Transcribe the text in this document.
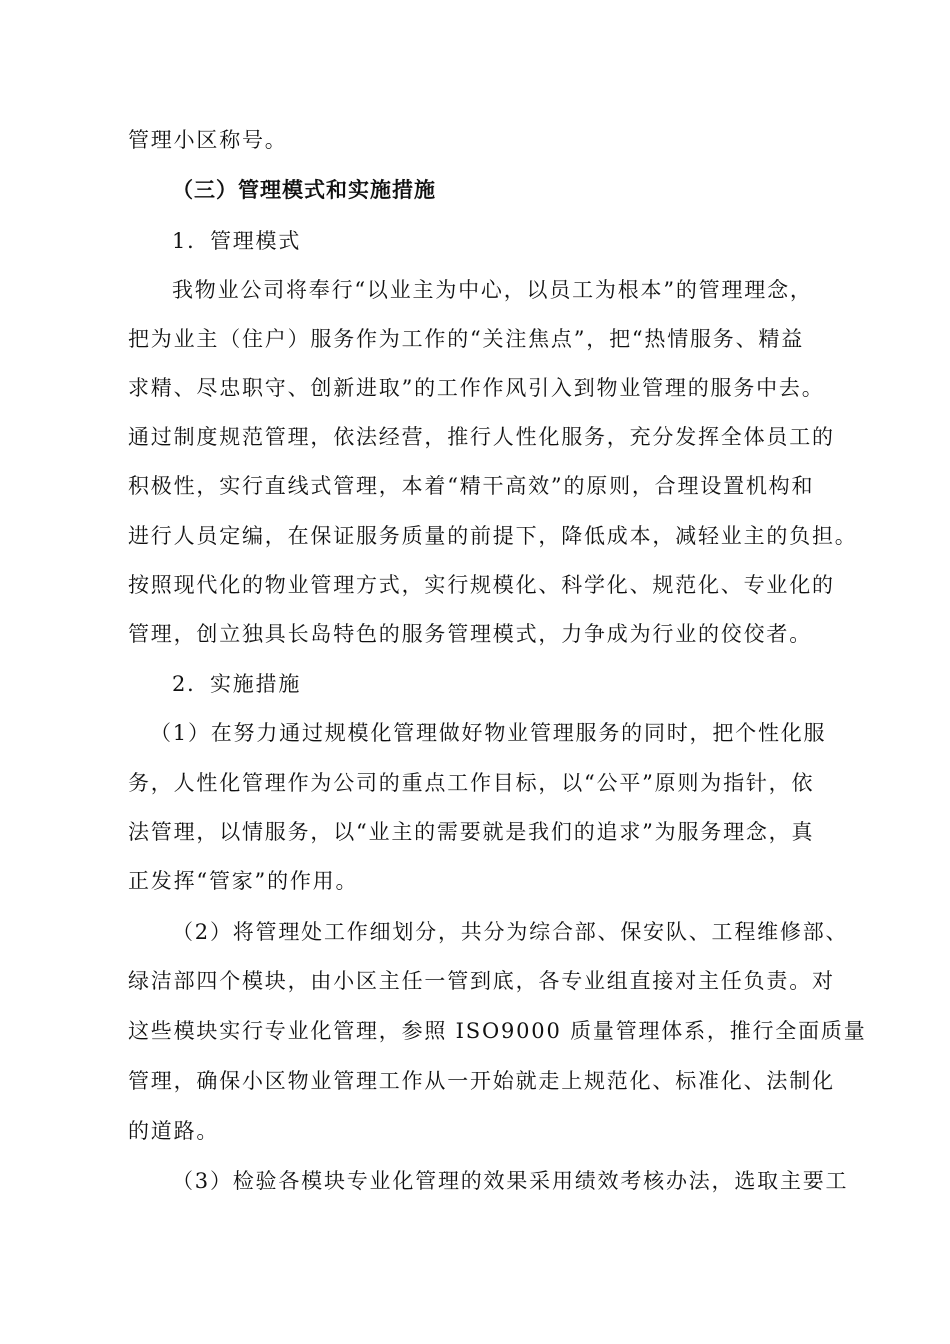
管理小区称号。
（三）管理模式和实施措施
1．管理模式
我物业公司将奉行“以业主为中心，以员工为根本”的管理理念，
把为业主（住户）服务作为工作的“关注焦点”，把“热情服务、精益
求精、尽忠职守、创新进取”的工作作风引入到物业管理的服务中去。
通过制度规范管理，依法经营，推行人性化服务，充分发挥全体员工的
积极性，实行直线式管理，本着“精干高效”的原则，合理设置机构和
进行人员定编，在保证服务质量的前提下，降低成本，减轻业主的负担。
按照现代化的物业管理方式，实行规模化、科学化、规范化、专业化的
管理，创立独具长岛特色的服务管理模式，力争成为行业的佼佼者。
2．实施措施
（1）在努力通过规模化管理做好物业管理服务的同时，把个性化服
务，人性化管理作为公司的重点工作目标，以“公平”原则为指针，依
法管理，以情服务，以“业主的需要就是我们的追求”为服务理念，真
正发挥“管家”的作用。
（2）将管理处工作细划分，共分为综合部、保安队、工程维修部、
绿洁部四个模块，由小区主任一管到底，各专业组直接对主任负责。对
这些模块实行专业化管理，参照 ISO9000 质量管理体系，推行全面质量
管理，确保小区物业管理工作从一开始就走上规范化、标准化、法制化
的道路。
（3）检验各模块专业化管理的效果采用绩效考核办法，选取主要工
